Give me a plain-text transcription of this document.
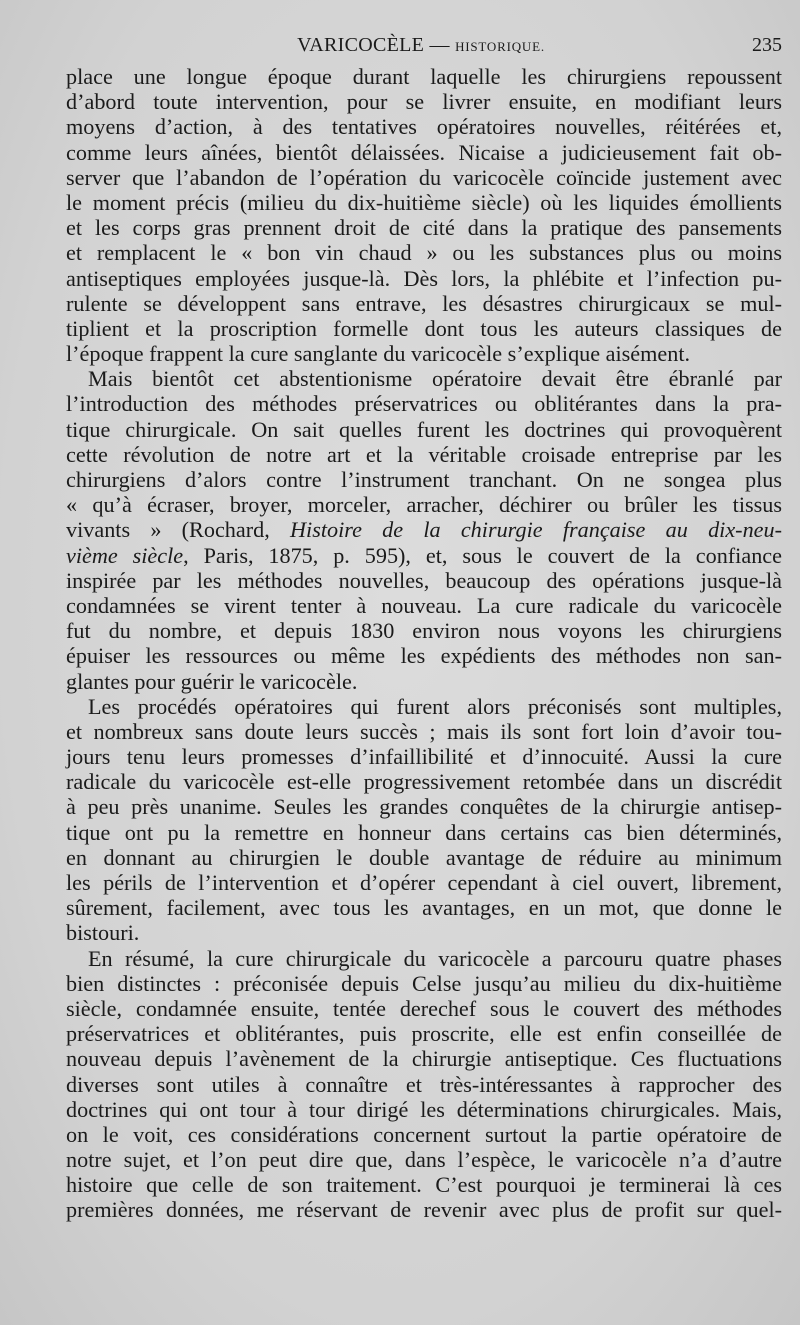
VARICOCÈLE — HISTORIQUE.	235
place une longue époque durant laquelle les chirurgiens repoussent
d’abord toute intervention, pour se livrer ensuite, en modifiant leurs
moyens d’action, à des tentatives opératoires nouvelles, réitérées et,
comme leurs aînées, bientôt délaissées. Nicaise a judicieusement fait ob-
server que l’abandon de l’opération du varicocèle coïncide justement avec
le moment précis (milieu du dix-huitième siècle) où les liquides émollients
et les corps gras prennent droit de cité dans la pratique des pansements
et remplacent le « bon vin chaud » ou les substances plus ou moins
antiseptiques employées jusque-là. Dès lors, la phlébite et l’infection pu-
rulente se développent sans entrave, les désastres chirurgicaux se mul-
tiplient et la proscription formelle dont tous les auteurs classiques de
l’époque frappent la cure sanglante du varicocèle s’explique aisément.
Mais bientôt cet abstentionisme opératoire devait être ébranlé par
l’introduction des méthodes préservatrices ou oblitérantes dans la pra-
tique chirurgicale. On sait quelles furent les doctrines qui provoquèrent
cette révolution de notre art et la véritable croisade entreprise par les
chirurgiens d’alors contre l’instrument tranchant. On ne songea plus
« qu’à écraser, broyer, morceler, arracher, déchirer ou brûler les tissus
vivants » (Rochard, Histoire de la chirurgie française au dix-neu-
vième siècle, Paris, 1875, p. 595), et, sous le couvert de la confiance
inspirée par les méthodes nouvelles, beaucoup des opérations jusque-là
condamnées se virent tenter à nouveau. La cure radicale du varicocèle
fut du nombre, et depuis 1830 environ nous voyons les chirurgiens
épuiser les ressources ou même les expédients des méthodes non san-
glantes pour guérir le varicocèle.
Les procédés opératoires qui furent alors préconisés sont multiples,
et nombreux sans doute leurs succès ; mais ils sont fort loin d’avoir tou-
jours tenu leurs promesses d’infaillibilité et d’innocuité. Aussi la cure
radicale du varicocèle est-elle progressivement retombée dans un discrédit
à peu près unanime. Seules les grandes conquêtes de la chirurgie antisep-
tique ont pu la remettre en honneur dans certains cas bien déterminés,
en donnant au chirurgien le double avantage de réduire au minimum
les périls de l’intervention et d’opérer cependant à ciel ouvert, librement,
sûrement, facilement, avec tous les avantages, en un mot, que donne le
bistouri.
En résumé, la cure chirurgicale du varicocèle a parcouru quatre phases
bien distinctes : préconisée depuis Celse jusqu’au milieu du dix-huitième
siècle, condamnée ensuite, tentée derechef sous le couvert des méthodes
préservatrices et oblitérantes, puis proscrite, elle est enfin conseillée de
nouveau depuis l’avènement de la chirurgie antiseptique. Ces fluctuations
diverses sont utiles à connaître et très-intéressantes à rapprocher des
doctrines qui ont tour à tour dirigé les déterminations chirurgicales. Mais,
on le voit, ces considérations concernent surtout la partie opératoire de
notre sujet, et l’on peut dire que, dans l’espèce, le varicocèle n’a d’autre
histoire que celle de son traitement. C’est pourquoi je terminerai là ces
premières données, me réservant de revenir avec plus de profit sur quel-
